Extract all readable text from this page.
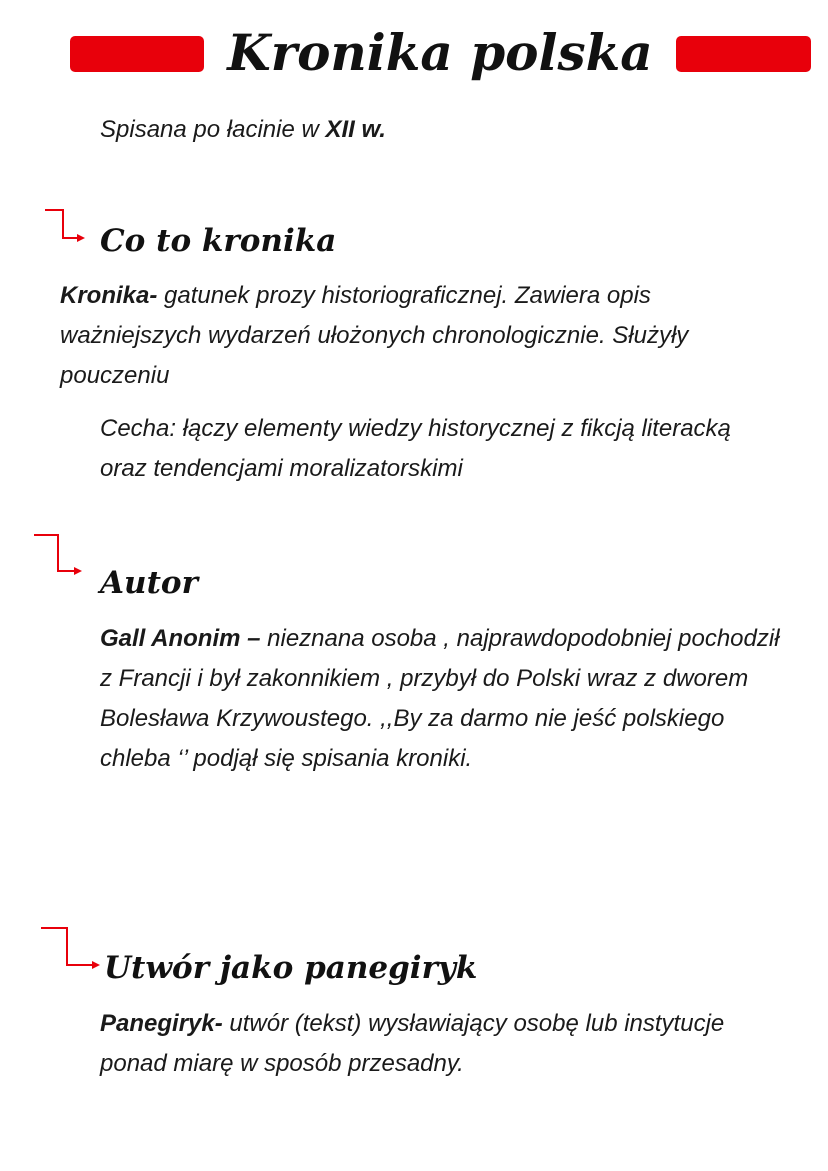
Kronika polska

Spisana po łacinie w XII w.

Co to kronika

Kronika- gatunek prozy historiograficznej. Zawiera opis ważniejszych wydarzeń ułożonych chronologicznie. Służyły pouczeniu

Cecha: łączy elementy wiedzy historycznej z fikcją literacką oraz tendencjami moralizatorskimi

Autor

Gall Anonim – nieznana osoba , najprawdopodobniej pochodził z Francji i był zakonnikiem , przybył do Polski wraz z dworem Bolesława Krzywoustego. ,,By za darmo nie jeść polskiego chleba ‘’ podjął się spisania kroniki.

Utwór jako panegiryk

Panegiryk- utwór (tekst) wysławiający osobę lub instytucje ponad miarę w sposób przesadny.
